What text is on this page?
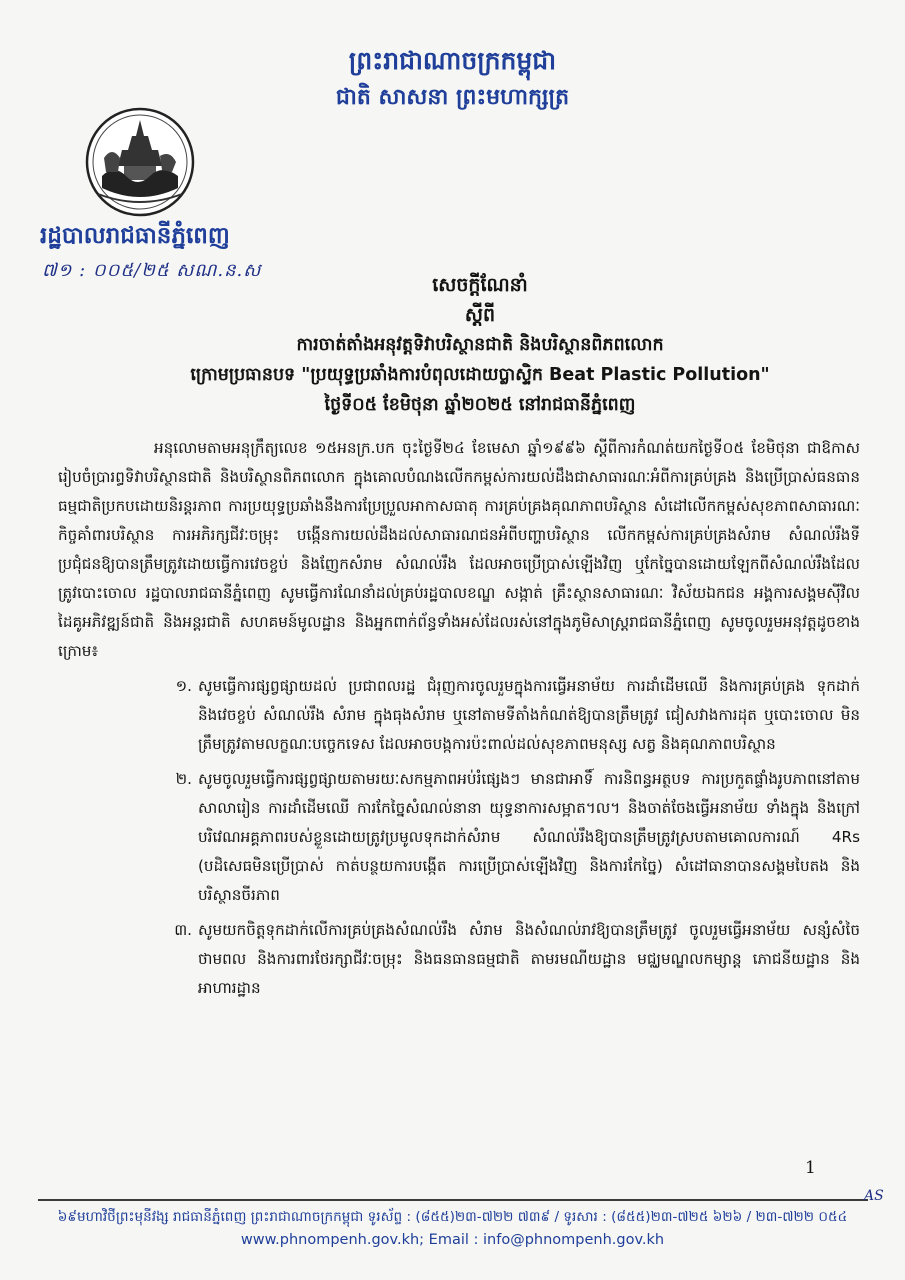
ព្រះរាជាណាចក្រកម្ពុជា
ជាតិ សាសនា ព្រះមហាក្សត្រ
រដ្ឋបាលរាជធានីភ្នំពេញ
៧១ : ០០៥/២៥ សណ.ន.ស
សេចក្តីណែនាំ
ស្តីពី
ការចាត់តាំងអនុវត្តទិវាបរិស្ថានជាតិ និងបរិស្ថានពិភពលោក
ក្រោមប្រធានបទ "ប្រយុទ្ធប្រឆាំងការបំពុលដោយប្លាស្ទិក Beat Plastic Pollution"
ថ្ងៃទី០៥ ខែមិថុនា ឆ្នាំ២០២៥ នៅរាជធានីភ្នំពេញ

អនុលោមតាមអនុក្រឹត្យលេខ ១៥អនក្រ.បក ចុះថ្ងៃទី២៤ ខែមេសា ឆ្នាំ១៩៩៦ ស្តីពីការកំណត់យកថ្ងៃទី០៥ ខែមិថុនា ជាឱកាសរៀបចំប្រារព្ធទិវាបរិស្ថានជាតិ និងបរិស្ថានពិភពលោក ក្នុងគោលបំណងលើកកម្ពស់ការយល់ដឹងជាសាធារណៈអំពីការគ្រប់គ្រង និងប្រើប្រាស់ធនធានធម្មជាតិប្រកបដោយនិរន្តរភាព ការប្រយុទ្ធប្រឆាំងនឹងការប្រែប្រួលអាកាសធាតុ ការគ្រប់គ្រងគុណភាពបរិស្ថាន សំដៅលើកកម្ពស់សុខភាពសាធារណៈ កិច្ចគាំពារបរិស្ថាន ការអភិរក្សជីវៈចម្រុះ បង្កើនការយល់ដឹងដល់សាធារណជនអំពីបញ្ហាបរិស្ថាន លើកកម្ពស់ការគ្រប់គ្រងសំរាម សំណល់រឹងទីប្រជុំជនឱ្យបានត្រឹមត្រូវដោយធ្វើការវេចខ្ចប់ និងញែកសំរាម សំណល់រឹង ដែលអាចប្រើប្រាស់ឡើងវិញ ឬកែច្នៃបានដោយឡែកពីសំណល់រឹងដែលត្រូវបោះចោល រដ្ឋបាលរាជធានីភ្នំពេញ សូមធ្វើការណែនាំដល់គ្រប់រដ្ឋបាលខណ្ឌ សង្កាត់ គ្រឹះស្ថានសាធារណៈ វិស័យឯកជន អង្គការសង្គមស៊ីវិល ដៃគូអភិវឌ្ឍន៍ជាតិ និងអន្តរជាតិ សហគមន៍មូលដ្ឋាន និងអ្នកពាក់ព័ន្ធទាំងអស់ដែលរស់នៅក្នុងភូមិសាស្ត្ររាជធានីភ្នំពេញ សូមចូលរួមអនុវត្តដូចខាងក្រោម៖

១. សូមធ្វើការផ្សព្វផ្សាយដល់ ប្រជាពលរដ្ឋ ជំរុញការចូលរួមក្នុងការធ្វើអនាម័យ ការដាំដើមឈើ និងការគ្រប់គ្រង ទុកដាក់ និងវេចខ្ចប់ សំណល់រឹង សំរាម ក្នុងធុងសំរាម ឬនៅតាមទីតាំងកំណត់ឱ្យបានត្រឹមត្រូវ ជៀសវាងការដុត ឬបោះចោល មិនត្រឹមត្រូវតាមលក្ខណៈបច្ចេកទេស ដែលអាចបង្កការប៉ះពាល់ដល់សុខភាពមនុស្ស សត្វ និងគុណភាពបរិស្ថាន
២. សូមចូលរួមធ្វើការផ្សព្វផ្សាយតាមរយៈសកម្មភាពអប់រំផ្សេងៗ មានជាអាទិ៍ ការនិពន្ធអត្ថបទ ការប្រកួតផ្ទាំងរូបភាពនៅតាមសាលារៀន ការដាំដើមឈើ ការកែច្នៃសំណល់នានា យុទ្ធនាការសម្អាត។ល។ និងចាត់ចែងធ្វើអនាម័យ ទាំងក្នុង និងក្រៅបរិវេណអគ្គភាពរបស់ខ្លួនដោយត្រូវប្រមូលទុកដាក់សំរាម សំណល់រឹងឱ្យបានត្រឹមត្រូវស្របតាមគោលការណ៍ 4Rs (បដិសេធមិនប្រើប្រាស់ កាត់បន្ថយការបង្កើត ការប្រើប្រាស់ឡើងវិញ និងការកែច្នៃ) សំដៅធានាបានសង្គមបៃតង និងបរិស្ថានចីរភាព
៣. សូមយកចិត្តទុកដាក់លើការគ្រប់គ្រងសំណល់រឹង សំរាម និងសំណល់រាវឱ្យបានត្រឹមត្រូវ ចូលរួមធ្វើអនាម័យ សន្សំសំចៃថាមពល និងការពារថែរក្សាជីវៈចម្រុះ និងធនធានធម្មជាតិ តាមរមណីយដ្ឋាន មជ្ឈមណ្ឌលកម្សាន្ត ភោជនីយដ្ឋាន និងអាហារដ្ឋាន
1
AS
៦៩មហាវិថីព្រះមុនីវង្ស រាជធានីភ្នំពេញ ព្រះរាជាណាចក្រកម្ពុជា ទូរស័ព្ទ : (៨៥៥)២៣-៧២២ ៧៣៩ / ទូរសារ : (៨៥៥)២៣-៧២៥ ៦២៦ / ២៣-៧២២ ០៥៤
www.phnompenh.gov.kh; Email : info@phnompenh.gov.kh
